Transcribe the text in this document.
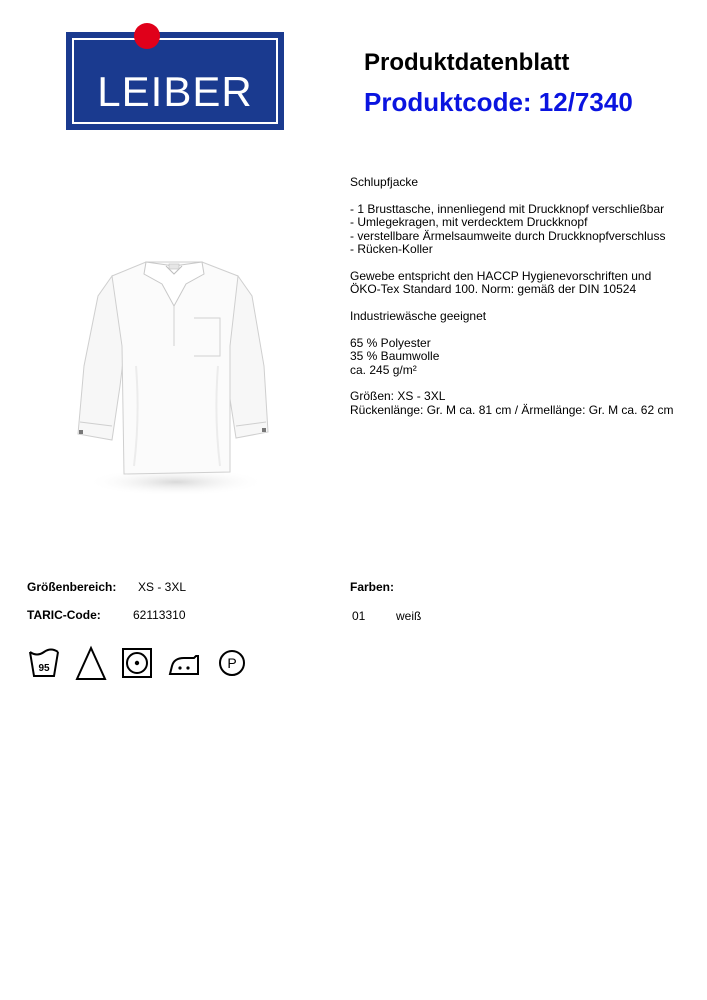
LEIBER
Produktdatenblatt
Produktcode: 12/7340
Schlupfjacke
- 1 Brusttasche, innenliegend mit Druckknopf verschließbar
- Umlegekragen, mit verdecktem Druckknopf
- verstellbare Ärmelsaumweite durch Druckknopfverschluss
- Rücken-Koller
Gewebe entspricht den HACCP Hygienevorschriften und
ÖKO-Tex Standard 100. Norm: gemäß der DIN 10524
Industriewäsche geeignet
65 % Polyester
35 % Baumwolle
ca. 245 g/m²
Größen: XS - 3XL
Rückenlänge: Gr. M ca. 81 cm / Ärmellänge: Gr. M ca. 62 cm
Größenbereich: XS - 3XL
TARIC-Code:	62113310
Farben:
01	weiß
95	P
